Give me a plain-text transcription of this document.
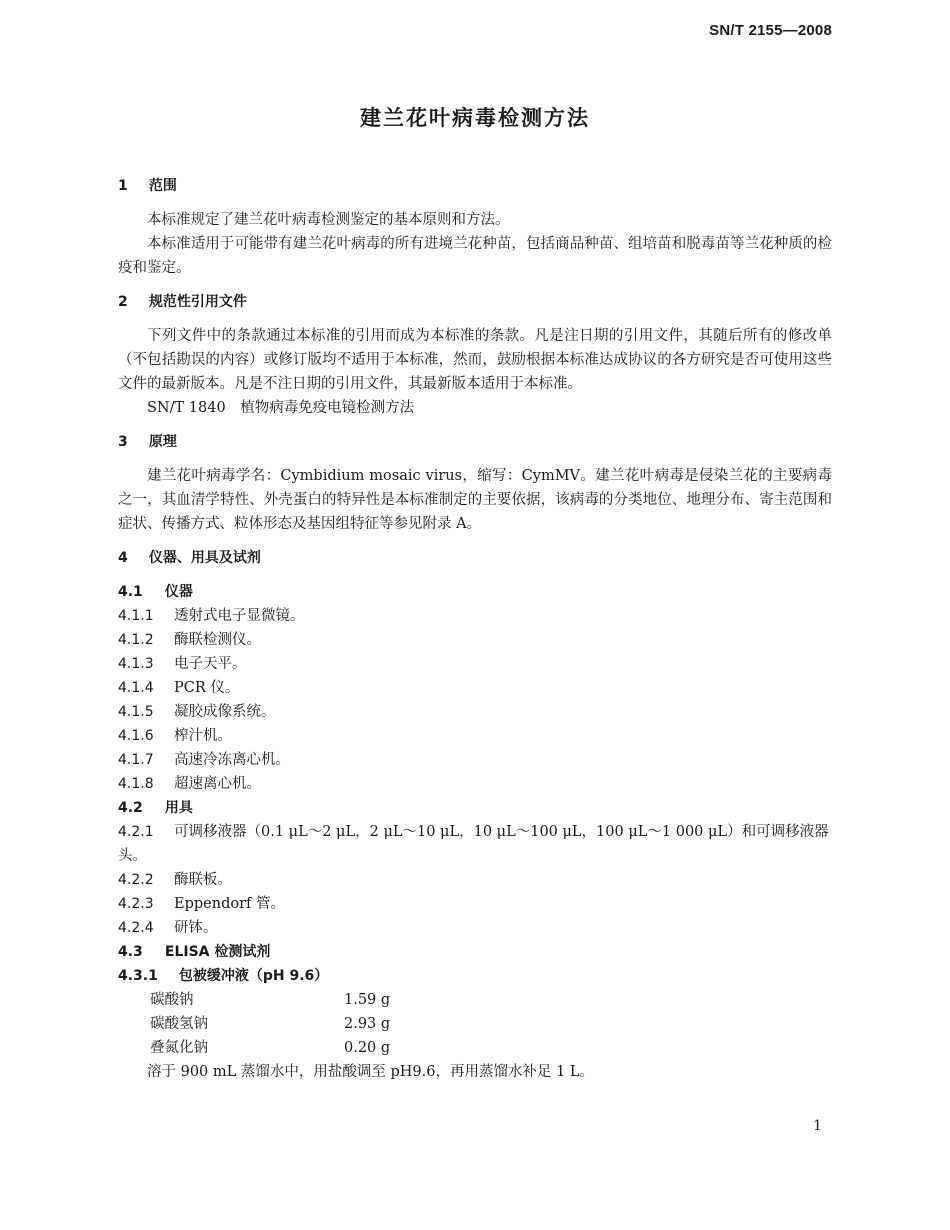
SN/T 2155—2008
建兰花叶病毒检测方法
1 范围

本标准规定了建兰花叶病毒检测鉴定的基本原则和方法。

本标准适用于可能带有建兰花叶病毒的所有进境兰花种苗，包括商品种苗、组培苗和脱毒苗等兰花种质的检疫和鉴定。

2 规范性引用文件

下列文件中的条款通过本标准的引用而成为本标准的条款。凡是注日期的引用文件，其随后所有的修改单（不包括勘误的内容）或修订版均不适用于本标准，然而，鼓励根据本标准达成协议的各方研究是否可使用这些文件的最新版本。凡是不注日期的引用文件，其最新版本适用于本标准。

SN/T 1840　植物病毒免疫电镜检测方法

3 原理

建兰花叶病毒学名：Cymbidium mosaic virus，缩写：CymMV。建兰花叶病毒是侵染兰花的主要病毒之一，其血清学特性、外壳蛋白的特异性是本标准制定的主要依据，该病毒的分类地位、地理分布、寄主范围和症状、传播方式、粒体形态及基因组特征等参见附录 A。

4 仪器、用具及试剂
4.1 仪器
4.1.1 透射式电子显微镜。
4.1.2 酶联检测仪。
4.1.3 电子天平。
4.1.4 PCR 仪。
4.1.5 凝胶成像系统。
4.1.6 榨汁机。
4.1.7 高速冷冻离心机。
4.1.8 超速离心机。
4.2 用具
4.2.1 可调移液器（0.1 μL～2 μL，2 μL～10 μL，10 μL～100 μL，100 μL～1 000 μL）和可调移液器头。
4.2.2 酶联板。
4.2.3 Eppendorf 管。
4.2.4 研钵。
4.3 ELISA 检测试剂
4.3.1 包被缓冲液（pH 9.6）
碳酸钠	1.59 g
碳酸氢钠	2.93 g
叠氮化钠	0.20 g

溶于 900 mL 蒸馏水中，用盐酸调至 pH9.6，再用蒸馏水补足 1 L。

1
